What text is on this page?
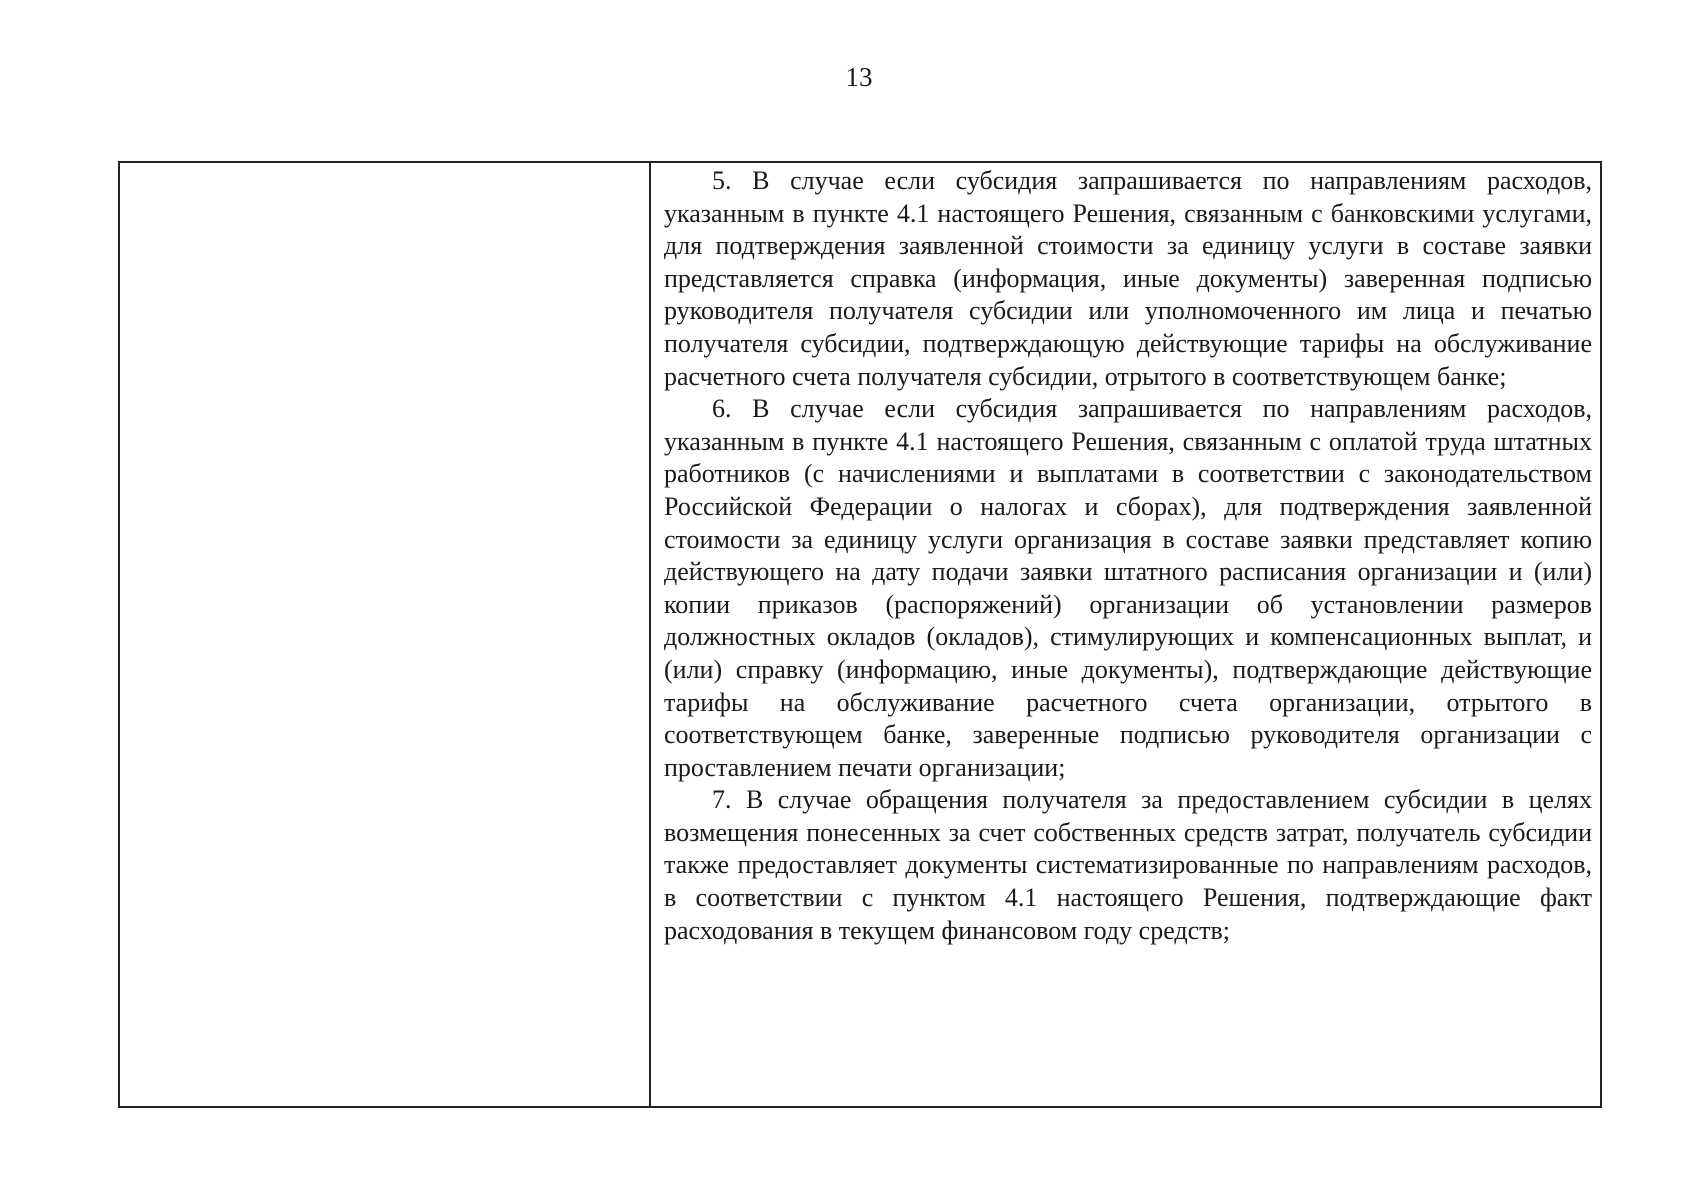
13

5. В случае если субсидия запрашивается по направлениям расходов, указанным в пункте 4.1 настоящего Решения, связанным с банковскими услугами, для подтверждения заявленной стоимости за единицу услуги в составе заявки представляется справка (информация, иные документы) заверенная подписью руководителя получателя субсидии или уполномоченного им лица и печатью получателя субсидии, подтверждающую действующие тарифы на обслуживание расчетного счета получателя субсидии, отрытого в соответствующем банке;

6. В случае если субсидия запрашивается по направлениям расходов, указанным в пункте 4.1 настоящего Решения, связанным с оплатой труда штатных работников (с начислениями и выплатами в соответствии с законодательством Российской Федерации о налогах и сборах), для подтверждения заявленной стоимости за единицу услуги организация в составе заявки представляет копию действующего на дату подачи заявки штатного расписания организации и (или) копии приказов (распоряжений) организации об установлении размеров должностных окладов (окладов), стимулирующих и компенсационных выплат, и (или) справку (информацию, иные документы), подтверждающие действующие тарифы на обслуживание расчетного счета организации, отрытого в соответствующем банке, заверенные подписью руководителя организации с проставлением печати организации;

7. В случае обращения получателя за предоставлением субсидии в целях возмещения понесенных за счет собственных средств затрат, получатель субсидии также предоставляет документы систематизированные по направлениям расходов, в соответствии с пунктом 4.1 настоящего Решения, подтверждающие факт расходования в текущем финансовом году средств;
